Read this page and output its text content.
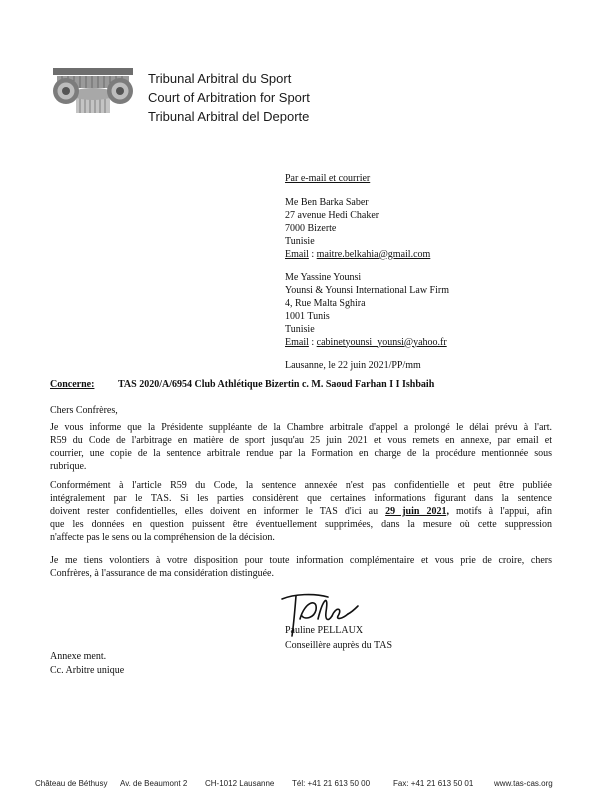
Tribunal Arbitral du Sport
Court of Arbitration for Sport
Tribunal Arbitral del Deporte
Par e-mail et courrier
Me Ben Barka Saber
27 avenue Hedi Chaker
7000 Bizerte
Tunisie
Email : maitre.belkahia@gmail.com
Me Yassine Younsi
Younsi & Younsi International Law Firm
4, Rue Malta Sghira
1001 Tunis
Tunisie
Email : cabinetyounsi_younsi@yahoo.fr
Lausanne, le 22 juin 2021/PP/mm
Concerne: TAS 2020/A/6954 Club Athlétique Bizertin c. M. Saoud Farhan I I Ishbaih
Chers Confrères,
Je vous informe que la Présidente suppléante de la Chambre arbitrale d'appel a prolongé le délai prévu à l'art.
R59 du Code de l'arbitrage en matière de sport jusqu'au 25 juin 2021 et vous remets en annexe, par email et
courrier, une copie de la sentence arbitrale rendue par la Formation en charge de la procédure mentionnée sous
rubrique.
Conformément à l'article R59 du Code, la sentence annexée n'est pas confidentielle et peut être publiée
intégralement par le TAS. Si les parties considèrent que certaines informations figurant dans la sentence
doivent rester confidentielles, elles doivent en informer le TAS d'ici au 29 juin 2021, motifs à l'appui, afin
que les données en question puissent être éventuellement supprimées, dans la mesure où cette suppression
n'affecte pas le sens ou la compréhension de la décision.
Je me tiens volontiers à votre disposition pour toute information complémentaire et vous prie de croire, chers
Confrères, à l'assurance de ma considération distinguée.
Pauline PELLAUX
Conseillère auprès du TAS
Annexe ment.
Cc. Arbitre unique
Château de Béthusy Av. de Beaumont 2 CH-1012 Lausanne Tél: +41 21 613 50 00	Fax: +41 21 613 50 01	www.tas-cas.org
